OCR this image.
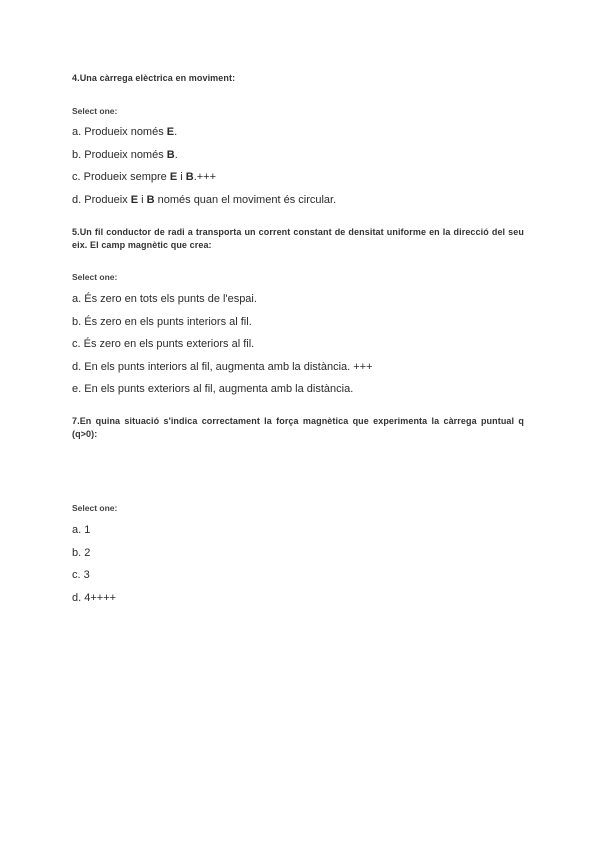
4.Una càrrega elèctrica en moviment:
Select one:
a. Produeix només E.
b. Produeix només B.
c. Produeix sempre E i B.+++
d. Produeix E i B només quan el moviment és circular.
5.Un fil conductor de radi a transporta un corrent constant de densitat uniforme en la direcció del seu eix. El camp magnètic que crea:
Select one:
a. És zero en tots els punts de l'espai.
b. És zero en els punts interiors al fil.
c. És zero en els punts exteriors al fil.
d. En els punts interiors al fil, augmenta amb la distància. +++
e. En els punts exteriors al fil, augmenta amb la distància.
7.En quina situació s'indica correctament la força magnètica que experimenta la càrrega puntual q (q>0):
Select one:
a. 1
b. 2
c. 3
d. 4++++
